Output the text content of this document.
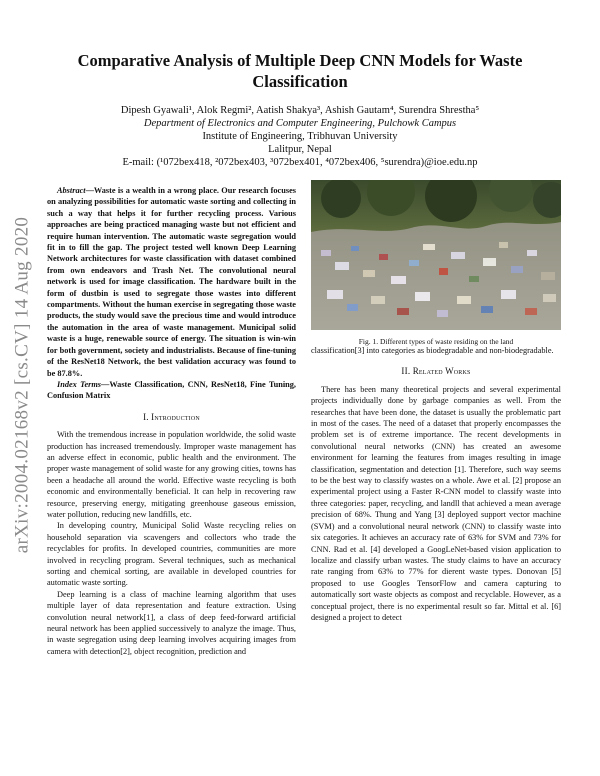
arXiv:2004.02168v2 [cs.CV] 14 Aug 2020
Comparative Analysis of Multiple Deep CNN Models for Waste
Classification
Dipesh Gyawali¹, Alok Regmi², Aatish Shakya³, Ashish Gautam⁴, Surendra Shrestha⁵
Department of Electronics and Computer Engineering, Pulchowk Campus
Institute of Engineering, Tribhuvan University
Lalitpur, Nepal
E-mail: (¹072bex418, ²072bex403, ³072bex401, ⁴072bex406, ⁵surendra)@ioe.edu.np

Abstract—Waste is a wealth in a wrong place. Our research focuses on analyzing possibilities for automatic waste sorting and collecting in such a way that helps it for further recycling process. Various approaches are being practiced managing waste but not efficient and require human intervention. The automatic waste segregation would fit in to fill the gap. The project tested well known Deep Learning Network architectures for waste classification with dataset combined from own endeavors and Trash Net. The convolutional neural network is used for image classification. The hardware built in the form of dustbin is used to segregate those wastes into different compartments. Without the human exercise in segregating those waste products, the study would save the precious time and would introduce the automation in the area of waste management. Municipal solid waste is a huge, renewable source of energy. The situation is win-win for both government, society and industrialists. Because of fine-tuning of the ResNet18 Network, the best validation accuracy was found to be 87.8%.

Index Terms—Waste Classification, CNN, ResNet18, Fine Tuning, Confusion Matrix

I. Introduction

With the tremendous increase in population worldwide, the solid waste production has increased tremendously. Improper waste management has an adverse effect in economic, public health and the environment. The proper waste management of solid waste for any growing cities, towns has been a headache all around the world. Effective waste recycling is both economic and environmentally beneficial. It can help in recovering raw resource, preserving energy, mitigating greenhouse gaseous emission, water pollution, reducing new landfills, etc.

In developing country, Municipal Solid Waste recycling relies on household separation via scavengers and collectors who trade the recyclables for profits. In developed countries, communities are more involved in recycling program. Several techniques, such as mechanical sorting and chemical sorting, are available in developed countries for automatic waste sorting.

Deep learning is a class of machine learning algorithm that uses multiple layer of data representation and feature extraction. Using convolution neural network[1], a class of deep feed-forward artificial neural network has been applied successively to analyze the image. Thus, in waste segregation using deep learning involves acquiring images from camera with detection[2], object recognition, prediction and

Fig. 1. Different types of waste residing on the land

classification[3] into categories as biodegradable and non-biodegradable.

II. Related Works

There has been many theoretical projects and several experimental projects individually done by garbage companies as well. From the researches that have been done, the dataset is usually the problematic part in most of the cases. The need of a dataset that properly encompasses the problem set is of extreme importance. The recent developments in convolutional neural networks (CNN) has created an awesome environment for learning the features from images resulting in image classification, segmentation and detection [1]. Therefore, such way seems to be the best way to classify wastes on a whole. Awe et al. [2] propose an experimental project using a Faster R-CNN model to classify waste into three categories: paper, recycling, and landll that achieved a mean average precision of 68%. Thung and Yang [3] deployed support vector machine (SVM) and a convolutional neural network (CNN) to classify waste into six categories. It achieves an accuracy rate of 63% for SVM and 73% for CNN. Rad et al. [4] developed a GoogLeNet-based vision application to localize and classify urban wastes. The study claims to have an accuracy rate ranging from 63% to 77% for dierent waste types. Donovan [5] proposed to use Googles TensorFlow and camera capturing to automatically sort waste objects as compost and recyclable. However, as a conceptual project, there is no experimental result so far. Mittal et al. [6] designed a project to detect
